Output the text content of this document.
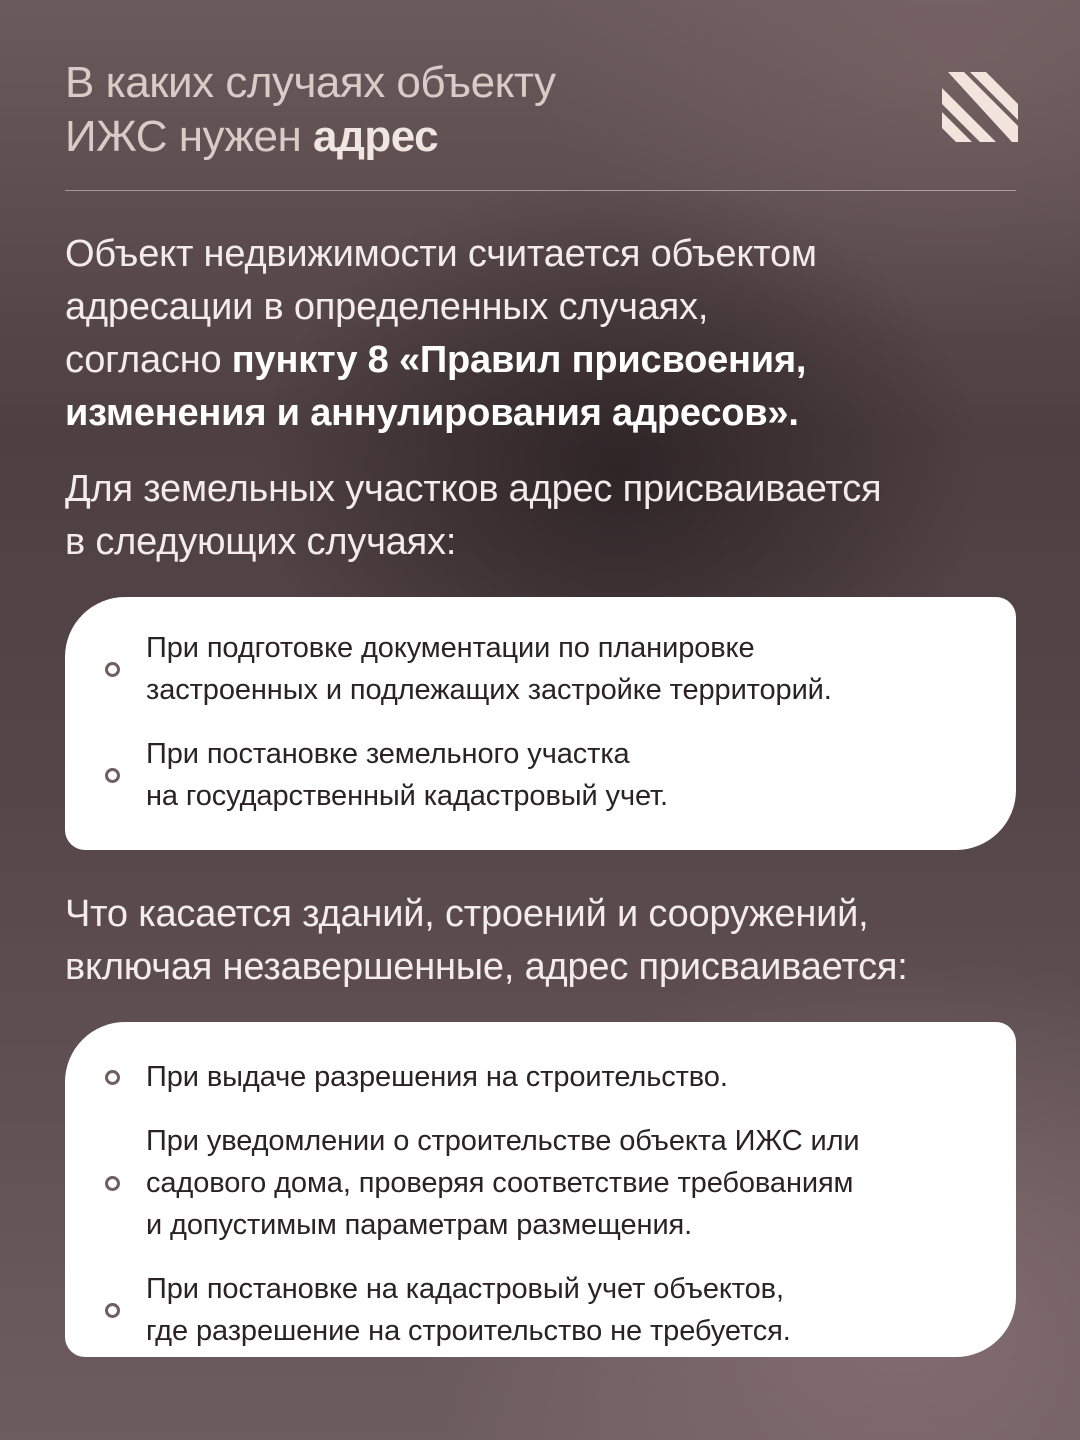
В каких случаях объекту
ИЖС нужен адрес

Объект недвижимости считается объектом
адресации в определенных случаях,
согласно пункту 8 «Правил присвоения,
изменения и аннулирования адресов».

Для земельных участков адрес присваивается
в следующих случаях:

При подготовке документации по планировке
застроенных и подлежащих застройке территорий.
При постановке земельного участка
на государственный кадастровый учет.

Что касается зданий, строений и сооружений,
включая незавершенные, адрес присваивается:

При выдаче разрешения на строительство.
При уведомлении о строительстве объекта ИЖС или
садового дома, проверяя соответствие требованиям
и допустимым параметрам размещения.
При постановке на кадастровый учет объектов,
где разрешение на строительство не требуется.
